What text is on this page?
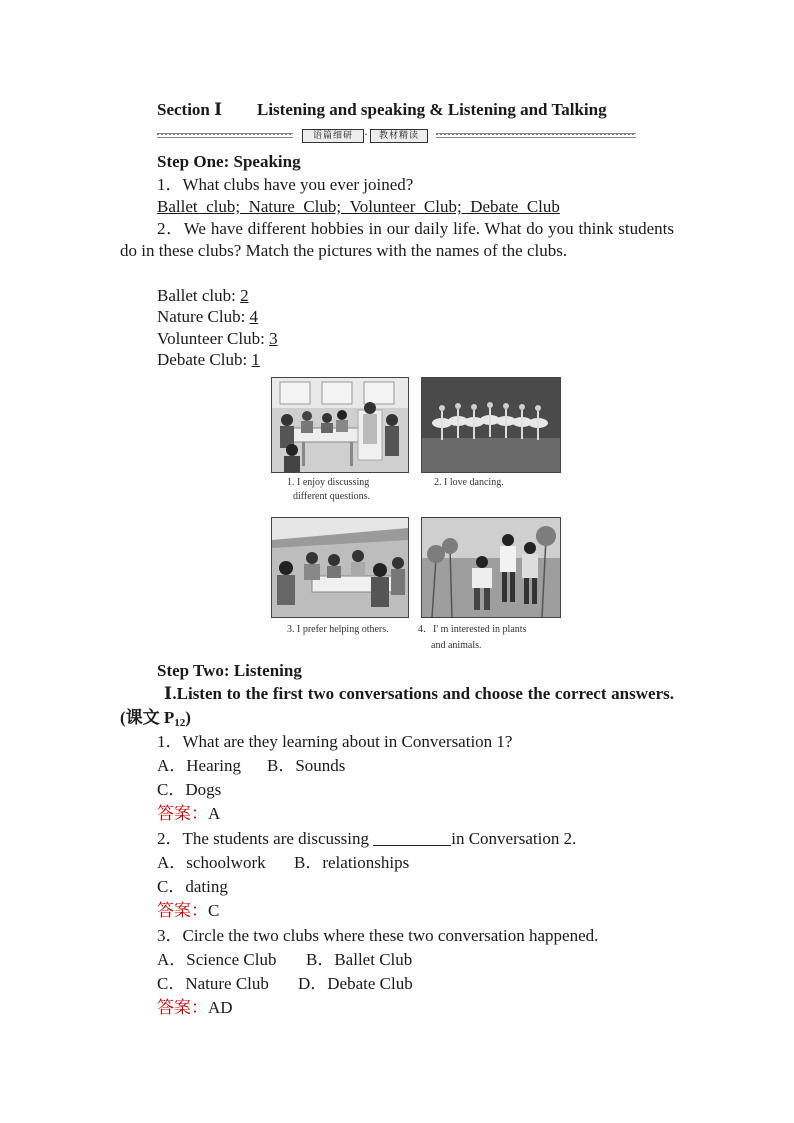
Section Ⅰ Listening and speaking & Listening and Talking
语篇细研 ·	教材精读
Step One: Speaking
1．What clubs have you ever joined?
Ballet_club;_Nature_Club;_Volunteer_Club;_Debate_Club
2．We have different hobbies in our daily life. What do you think students do in these clubs? Match the pictures with the names of the clubs.
Ballet club: 2
Nature Club: 4
Volunteer Club: 3
Debate Club: 1
1. I enjoy discussing
different questions.
2. I love dancing.
3. I prefer helping others.	4．I' m interested in plants
and animals.
Step Two: Listening
Ⅰ.Listen to the first two conversations and choose the correct answers.(课文 $P_{12}$)
1．What are they learning about in Conversation 1?
A．Hearing B．Sounds
C．Dogs
答案：A
2．The students are discussing	in Conversation 2.
A．schoolwork B．relationships
C．dating
答案：C
3．Circle the two clubs where these two conversation happened.
A．Science Club B．Ballet Club
C．Nature Club D．Debate Club
答案：AD
